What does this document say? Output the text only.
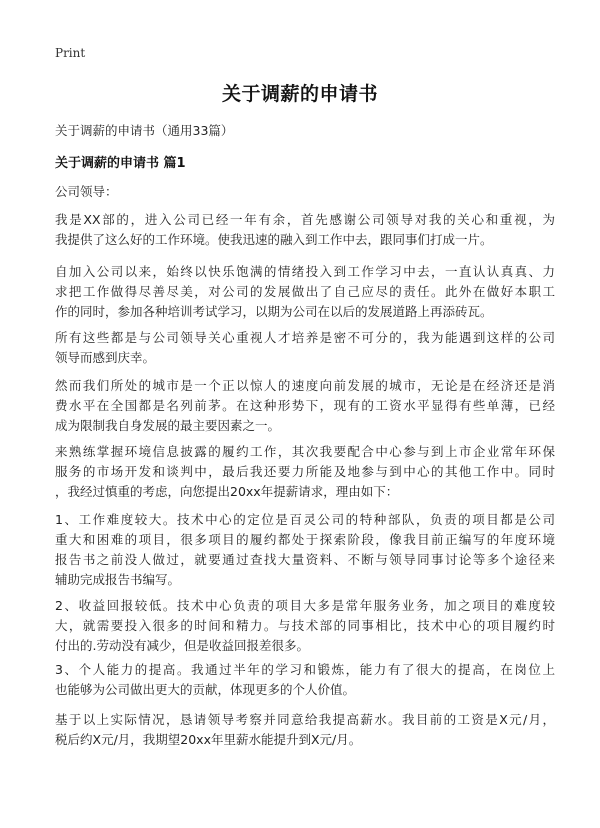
Print
关于调薪的申请书
关于调薪的申请书（通用33篇）
关于调薪的申请书 篇1
公司领导：
我是XX部的，进入公司已经一年有余，首先感谢公司领导对我的关心和重视，为
我提供了这么好的工作环境。使我迅速的融入到工作中去，跟同事们打成一片。
自加入公司以来，始终以快乐饱满的情绪投入到工作学习中去，一直认认真真、力
求把工作做得尽善尽美，对公司的发展做出了自己应尽的责任。此外在做好本职工
作的同时，参加各种培训考试学习，以期为公司在以后的发展道路上再添砖瓦。
所有这些都是与公司领导关心重视人才培养是密不可分的，我为能遇到这样的公司
领导而感到庆幸。
然而我们所处的城市是一个正以惊人的速度向前发展的城市，无论是在经济还是消
费水平在全国都是名列前茅。在这种形势下，现有的工资水平显得有些单薄，已经
成为限制我自身发展的最主要因素之一。
来熟练掌握环境信息披露的履约工作，其次我要配合中心参与到上市企业常年环保
服务的市场开发和谈判中，最后我还要力所能及地参与到中心的其他工作中。同时
，我经过慎重的考虑，向您提出20xx年提薪请求，理由如下：
1、工作难度较大。技术中心的定位是百灵公司的特种部队，负责的项目都是公司
重大和困难的项目，很多项目的履约都处于探索阶段，像我目前正编写的年度环境
报告书之前没人做过，就要通过查找大量资料、不断与领导同事讨论等多个途径来
辅助完成报告书编写。
2、收益回报较低。技术中心负责的项目大多是常年服务业务，加之项目的难度较
大，就需要投入很多的时间和精力。与技术部的同事相比，技术中心的项目履约时
付出的.劳动没有减少，但是收益回报差很多。
3、个人能力的提高。我通过半年的学习和锻炼，能力有了很大的提高，在岗位上
也能够为公司做出更大的贡献，体现更多的个人价值。
基于以上实际情况，恳请领导考察并同意给我提高薪水。我目前的工资是X元/月，
税后约X元/月，我期望20xx年里薪水能提升到X元/月。
